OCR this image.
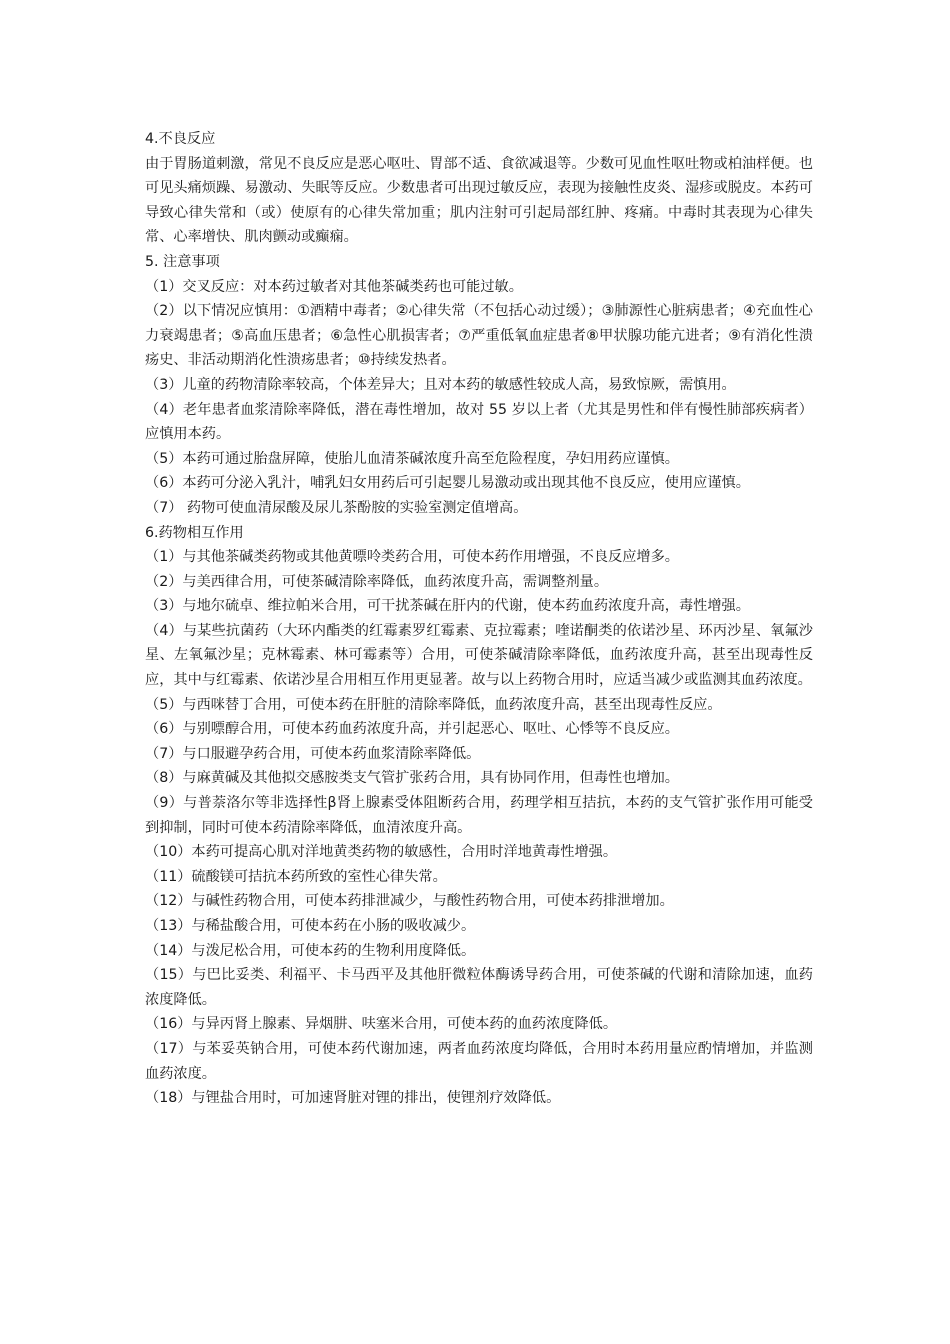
4.不良反应

由于胃肠道刺激，常见不良反应是恶心呕吐、胃部不适、食欲减退等。少数可见血性呕吐物或柏油样便。也可见头痛烦躁、易激动、失眠等反应。少数患者可出现过敏反应，表现为接触性皮炎、湿疹或脱皮。本药可导致心律失常和（或）使原有的心律失常加重；肌内注射可引起局部红肿、疼痛。中毒时其表现为心律失常、心率增快、肌肉颤动或癫痫。

5. 注意事项

（1）交叉反应：对本药过敏者对其他茶碱类药也可能过敏。

（2）以下情况应慎用：①酒精中毒者；②心律失常（不包括心动过缓）；③肺源性心脏病患者；④充血性心力衰竭患者；⑤高血压患者；⑥急性心肌损害者；⑦严重低氧血症患者⑧甲状腺功能亢进者；⑨有消化性溃疡史、非活动期消化性溃疡患者；⑩持续发热者。

（3）儿童的药物清除率较高，个体差异大；且对本药的敏感性较成人高，易致惊厥，需慎用。

（4）老年患者血浆清除率降低，潜在毒性增加，故对 55 岁以上者（尤其是男性和伴有慢性肺部疾病者）应慎用本药。

（5）本药可通过胎盘屏障，使胎儿血清茶碱浓度升高至危险程度，孕妇用药应谨慎。

（6）本药可分泌入乳汁，哺乳妇女用药后可引起婴儿易激动或出现其他不良反应，使用应谨慎。

（7） 药物可使血清尿酸及尿儿茶酚胺的实验室测定值增高。

6.药物相互作用

（1）与其他茶碱类药物或其他黄嘌呤类药合用，可使本药作用增强，不良反应增多。

（2）与美西律合用，可使茶碱清除率降低，血药浓度升高，需调整剂量。

（3）与地尔硫卓、维拉帕米合用，可干扰茶碱在肝内的代谢，使本药血药浓度升高，毒性增强。

（4）与某些抗菌药（大环内酯类的红霉素罗红霉素、克拉霉素；喹诺酮类的依诺沙星、环丙沙星、氧氟沙星、左氧氟沙星；克林霉素、林可霉素等）合用，可使茶碱清除率降低，血药浓度升高，甚至出现毒性反应，其中与红霉素、依诺沙星合用相互作用更显著。故与以上药物合用时，应适当减少或监测其血药浓度。

（5）与西咪替丁合用，可使本药在肝脏的清除率降低，血药浓度升高，甚至出现毒性反应。

（6）与别嘌醇合用，可使本药血药浓度升高，并引起恶心、呕吐、心悸等不良反应。

（7）与口服避孕药合用，可使本药血浆清除率降低。

（8）与麻黄碱及其他拟交感胺类支气管扩张药合用，具有协同作用，但毒性也增加。

（9）与普萘洛尔等非选择性β肾上腺素受体阻断药合用，药理学相互拮抗，本药的支气管扩张作用可能受到抑制，同时可使本药清除率降低，血清浓度升高。

（10）本药可提高心肌对洋地黄类药物的敏感性，合用时洋地黄毒性增强。

（11）硫酸镁可拮抗本药所致的室性心律失常。

（12）与碱性药物合用，可使本药排泄减少，与酸性药物合用，可使本药排泄增加。

（13）与稀盐酸合用，可使本药在小肠的吸收减少。

（14）与泼尼松合用，可使本药的生物利用度降低。

（15）与巴比妥类、利福平、卡马西平及其他肝微粒体酶诱导药合用，可使茶碱的代谢和清除加速，血药浓度降低。

（16）与异丙肾上腺素、异烟肼、呋塞米合用，可使本药的血药浓度降低。

（17）与苯妥英钠合用，可使本药代谢加速，两者血药浓度均降低，合用时本药用量应酌情增加，并监测血药浓度。

（18）与锂盐合用时，可加速肾脏对锂的排出，使锂剂疗效降低。
